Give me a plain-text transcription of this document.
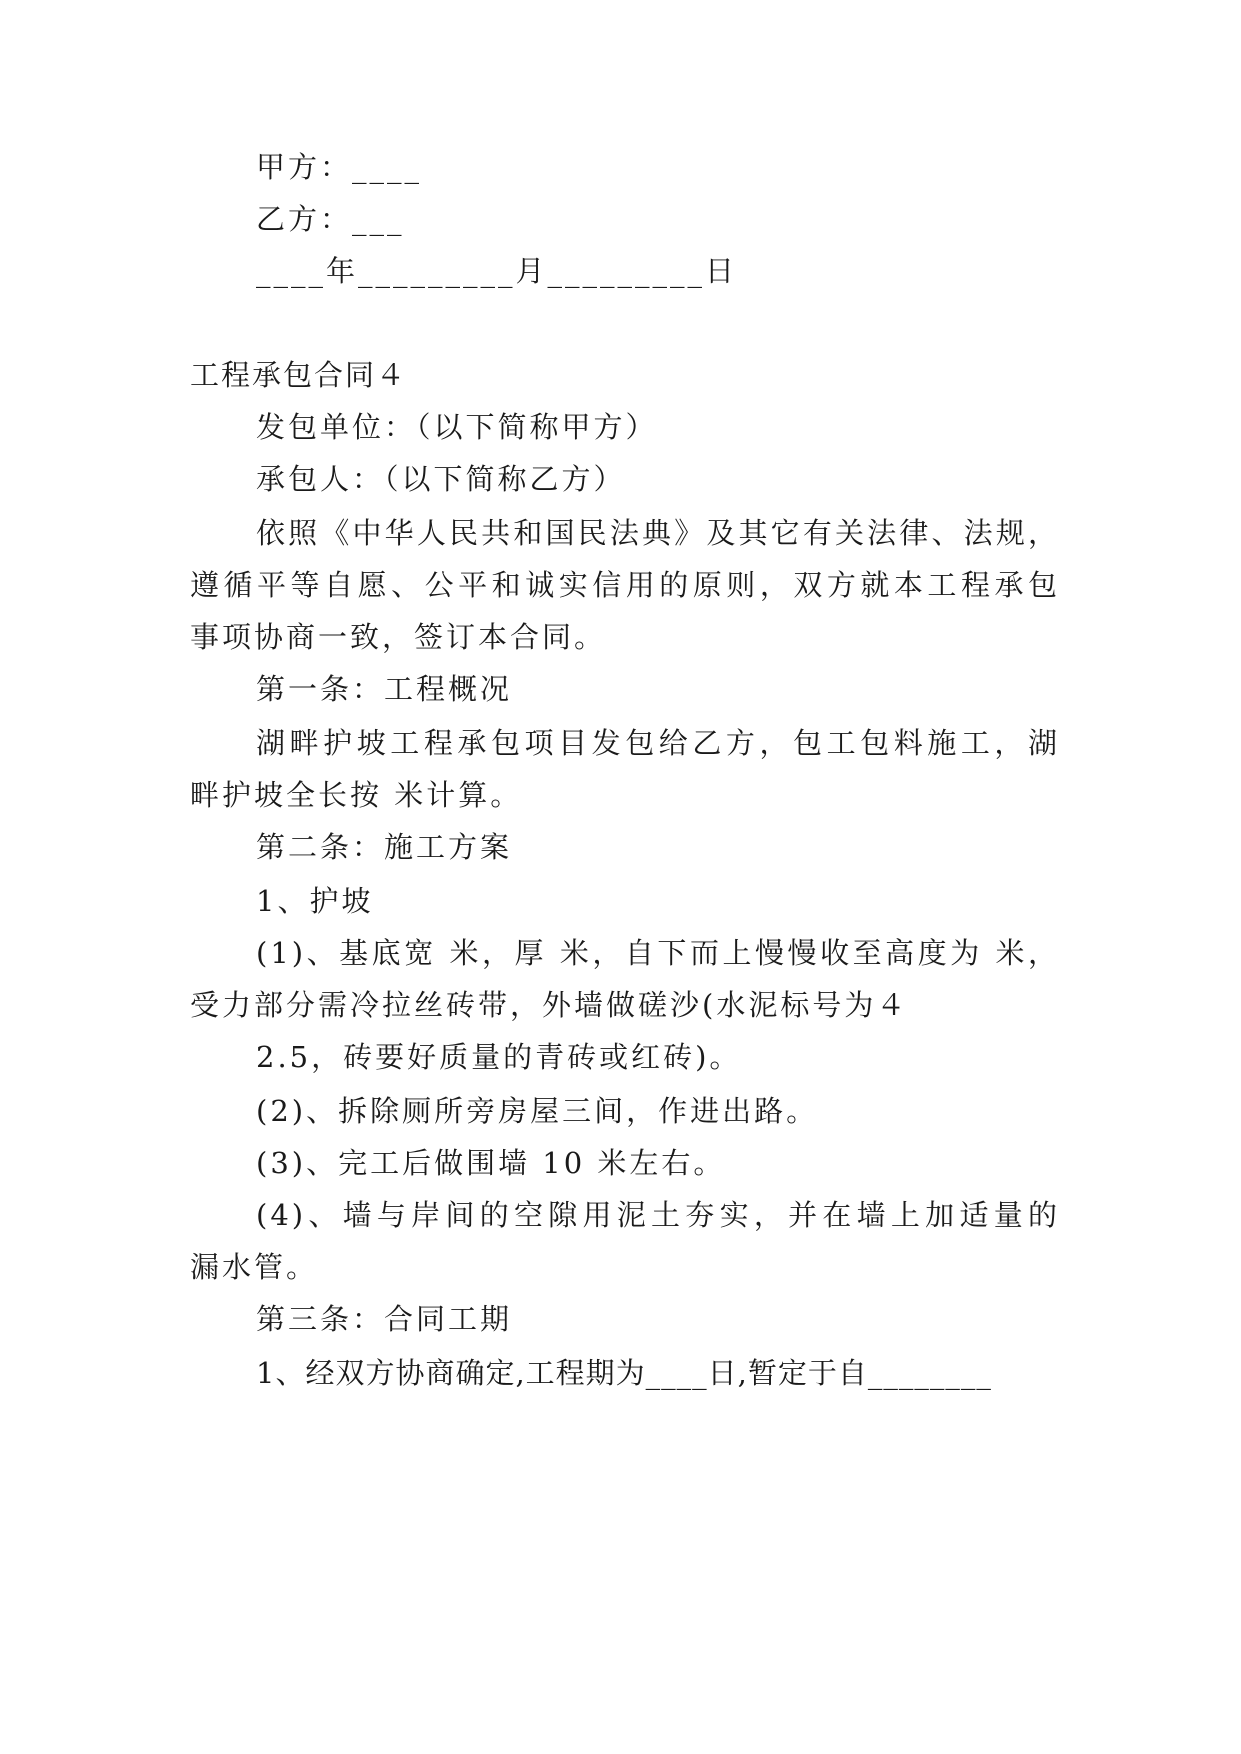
甲方：____
乙方：___
____年_________月_________日
工程承包合同４
发包单位：（以下简称甲方）
承包人：（以下简称乙方）
依照《中华人民共和国民法典》及其它有关法律、法规，
遵循平等自愿、公平和诚实信用的原则，双方就本工程承包
事项协商一致，签订本合同。
第一条：工程概况
湖畔护坡工程承包项目发包给乙方，包工包料施工，湖
畔护坡全长按 米计算。
第二条：施工方案
1、护坡
(1)、基底宽 米，厚 米，自下而上慢慢收至高度为 米，
受力部分需冷拉丝砖带，外墙做磋沙(水泥标号为４
2.5，砖要好质量的青砖或红砖)。
(2)、拆除厕所旁房屋三间，作进出路。
(3)、完工后做围墙 10 米左右。
(4)、墙与岸间的空隙用泥土夯实，并在墙上加适量的
漏水管。
第三条：合同工期
1、经双方协商确定,工程期为____日,暂定于自________
